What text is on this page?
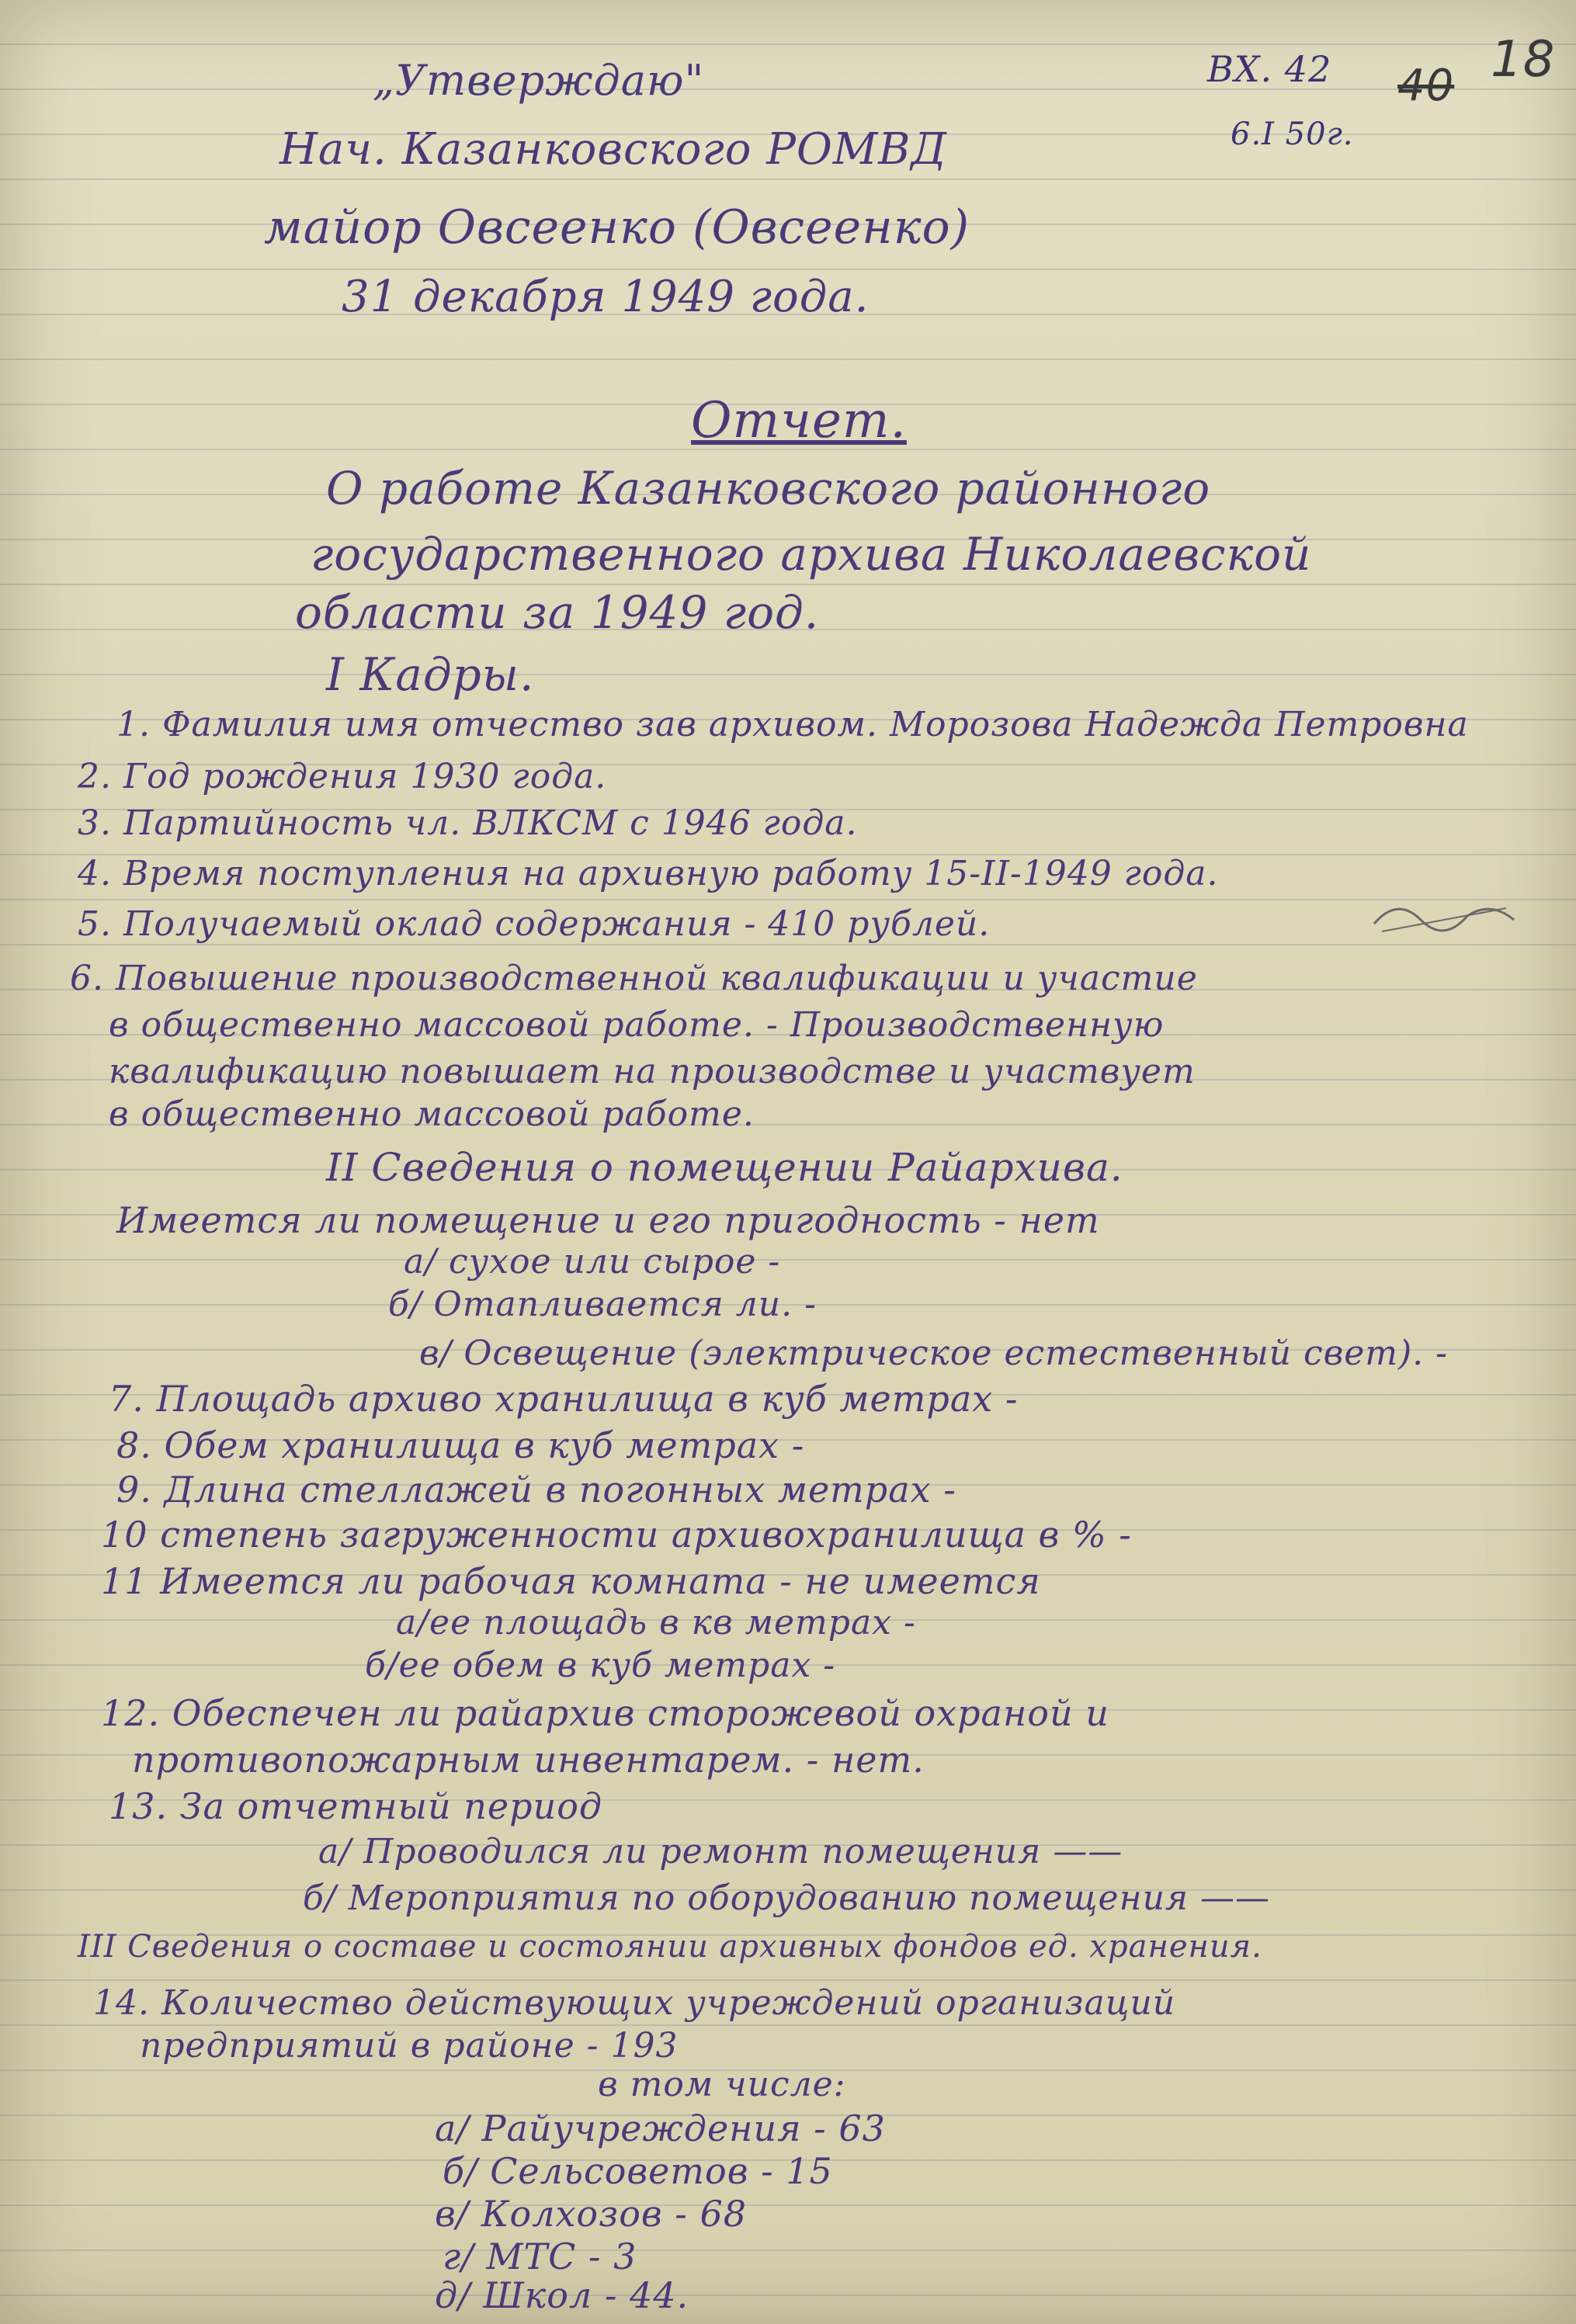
ВХ. 42
6.I 50г.
40 18
„Утверждаю"
Нач. Казанковского РОМВД
майор Овсеенко (Овсеенко)
31 декабря 1949 года.
Отчет.
О работе Казанковского районного
государственного архива Николаевской
области за 1949 год.
I Кадры.
1. Фамилия имя отчество зав архивом. Морозова Надежда Петровна
2. Год рождения 1930 года.
3. Партийность чл. ВЛКСМ с 1946 года.
4. Время поступления на архивную работу 15-II-1949 года.
5. Получаемый оклад содержания - 410 рублей.
6. Повышение производственной квалификации и участие
в общественно массовой работе. - Производственную
квалификацию повышает на производстве и участвует
в общественно массовой работе.
II Сведения о помещении Райархива.
Имеется ли помещение и его пригодность - нет
а/ сухое или сырое -
б/ Отапливается ли. -
в/ Освещение (электрическое естественный свет). -
7. Площадь архиво хранилища в куб метрах -
8. Обем хранилища в куб метрах -
9. Длина стеллажей в погонных метрах -
10 степень загруженности архивохранилища в % -
11 Имеется ли рабочая комната - не имеется
а/ее площадь в кв метрах -
б/ее обем в куб метрах -
12. Обеспечен ли райархив сторожевой охраной и
противопожарным инвентарем. - нет.
13. За отчетный период
а/ Проводился ли ремонт помещения ——
б/ Мероприятия по оборудованию помещения ——
III Сведения о составе и состоянии архивных фондов ед. хранения.
14. Количество действующих учреждений организаций
предприятий в районе - 193
в том числе:
а/ Райучреждения - 63
б/ Сельсоветов - 15
в/ Колхозов - 68
г/ МТС - 3
д/ Школ - 44.
